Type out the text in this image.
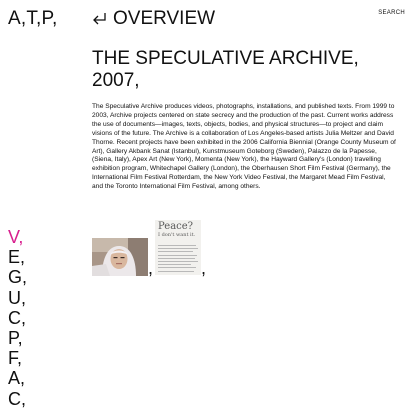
A,T,P,	OVERVIEW	SEARCH
THE SPECULATIVE ARCHIVE,
2007,

The Speculative Archive produces videos, photographs, installations, and published texts. From 1999 to 2003, Archive projects centered on state secrecy and the production of the past. Current works address the use of documents—images, texts, objects, bodies, and physical structures—to project and claim visions of the future. The Archive is a collaboration of Los Angeles-based artists Julia Meltzer and David Thorne. Recent projects have been exhibited in the 2006 California Biennial (Orange County Museum of Art), Gallery Akbank Sanat (Istanbul), Kunstmuseum Goteborg (Sweden), Palazzo de la Papesse, (Siena, Italy), Apex Art (New York), Momenta (New York), the Hayward Gallery's (London) travelling exhibition program, Whitechapel Gallery (London), the Oberhausen Short Film Festival (Germany), the International Film Festival Rotterdam, the New York Video Festival, the Margaret Mead Film Festival, and the Toronto International Film Festival, among others.

V,
E,
G,
U,
C,
P,
F,
A,
C,
,
Peace?
I don't want it.
,
